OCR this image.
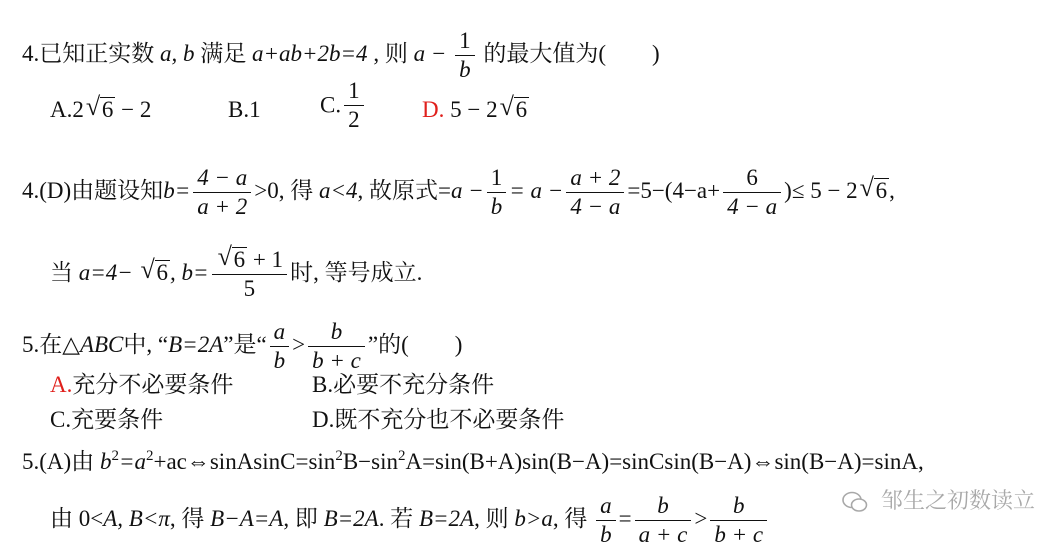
4.已知正实数 a, b 满足 a+ab+2b=4 , 则 $a - \frac{1}{b}$ 的最大值为(　　)
A.2 √ 6 − 2	B.1	C. $\frac{1}{2}$	D. 5 − 2 √ 6
4.(D)由题设知$b= \frac{4 - a}{a + 2} >0$, 得 a<4, 故原式$=a - \frac{1}{b} = a - \frac{a + 2}{4 - a} =5-(4-a+ \frac{6}{4 - a}$ )≤ 5 − 2 √ 6,
当 a=4− √ 6, b= √ $\frac{6 + 1}{5}$ 时, 等号成立.
5.在△ABC中, “B=2A”是“ $\frac{a}{b} > \frac{b}{b + c}$ ”的(　　)
A.充分不必要条件	B.必要不充分条件
C.充要条件	D.既不充分也不必要条件
5.(A)由 $b^2=a^2+ac\Leftrightarrow sinAsinC=\sin^2B-\sin^2A=\sin(B+A)\sin(B-A)=sinCsin(B-A)\Leftrightarrow\sin(B-A)=\sin A$,
由 0<A, B<π, 得 B−A=A, 即 B=2A. 若 B=2A, 则 b>a, 得 $\frac{a}{b} = \frac{b}{a + c} > \frac{b}{b + c}$	邹生之初数读立
